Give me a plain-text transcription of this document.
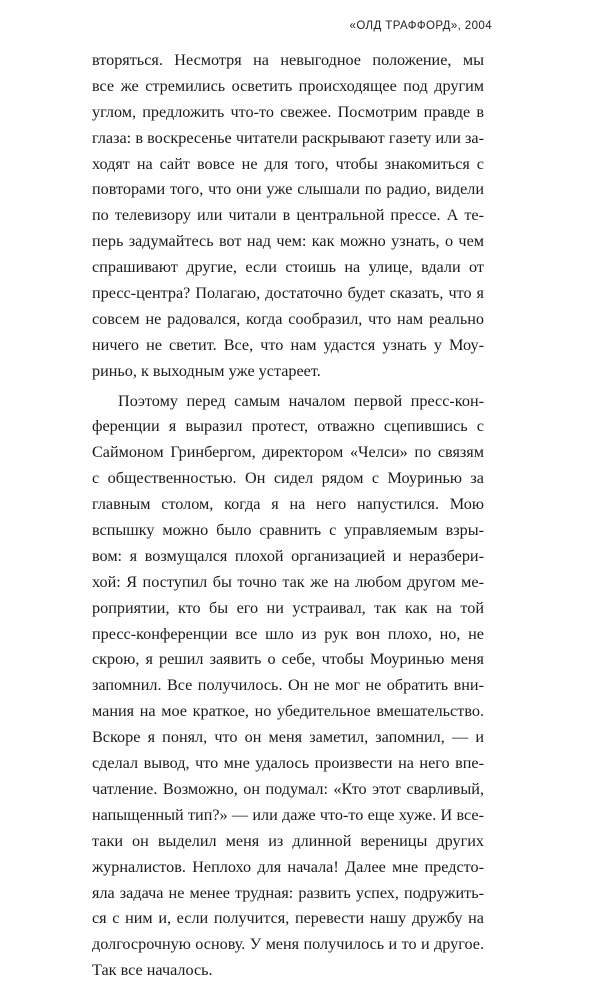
«ОЛД ТРАФФОРД», 2004
вторяться. Несмотря на невыгодное положение, мы
все же стремились осветить происходящее под другим
углом, предложить что-то свежее. Посмотрим правде в
глаза: в воскресенье читатели раскрывают газету или за-
ходят на сайт вовсе не для того, чтобы знакомиться с
повторами того, что они уже слышали по радио, видели
по телевизору или читали в центральной прессе. А те-
перь задумайтесь вот над чем: как можно узнать, о чем
спрашивают другие, если стоишь на улице, вдали от
пресс-центра? Полагаю, достаточно будет сказать, что я
совсем не радовался, когда сообразил, что нам реально
ничего не светит. Все, что нам удастся узнать у Моу-
риньо, к выходным уже устареет.
Поэтому перед самым началом первой пресс-кон-
ференции я выразил протест, отважно сцепившись с
Саймоном Гринбергом, директором «Челси» по связям
с общественностью. Он сидел рядом с Моуринью за
главным столом, когда я на него напустился. Мою
вспышку можно было сравнить с управляемым взры-
вом: я возмущался плохой организацией и неразбери-
хой: Я поступил бы точно так же на любом другом ме-
роприятии, кто бы его ни устраивал, так как на той
пресс-конференции все шло из рук вон плохо, но, не
скрою, я решил заявить о себе, чтобы Моуринью меня
запомнил. Все получилось. Он не мог не обратить вни-
мания на мое краткое, но убедительное вмешательство.
Вскоре я понял, что он меня заметил, запомнил, — и
сделал вывод, что мне удалось произвести на него впе-
чатление. Возможно, он подумал: «Кто этот сварливый,
напыщенный тип?» — или даже что-то еще хуже. И все-
таки он выделил меня из длинной вереницы других
журналистов. Неплохо для начала! Далее мне предсто-
яла задача не менее трудная: развить успех, подружить-
ся с ним и, если получится, перевести нашу дружбу на
долгосрочную основу. У меня получилось и то и другое.
Так все началось.
